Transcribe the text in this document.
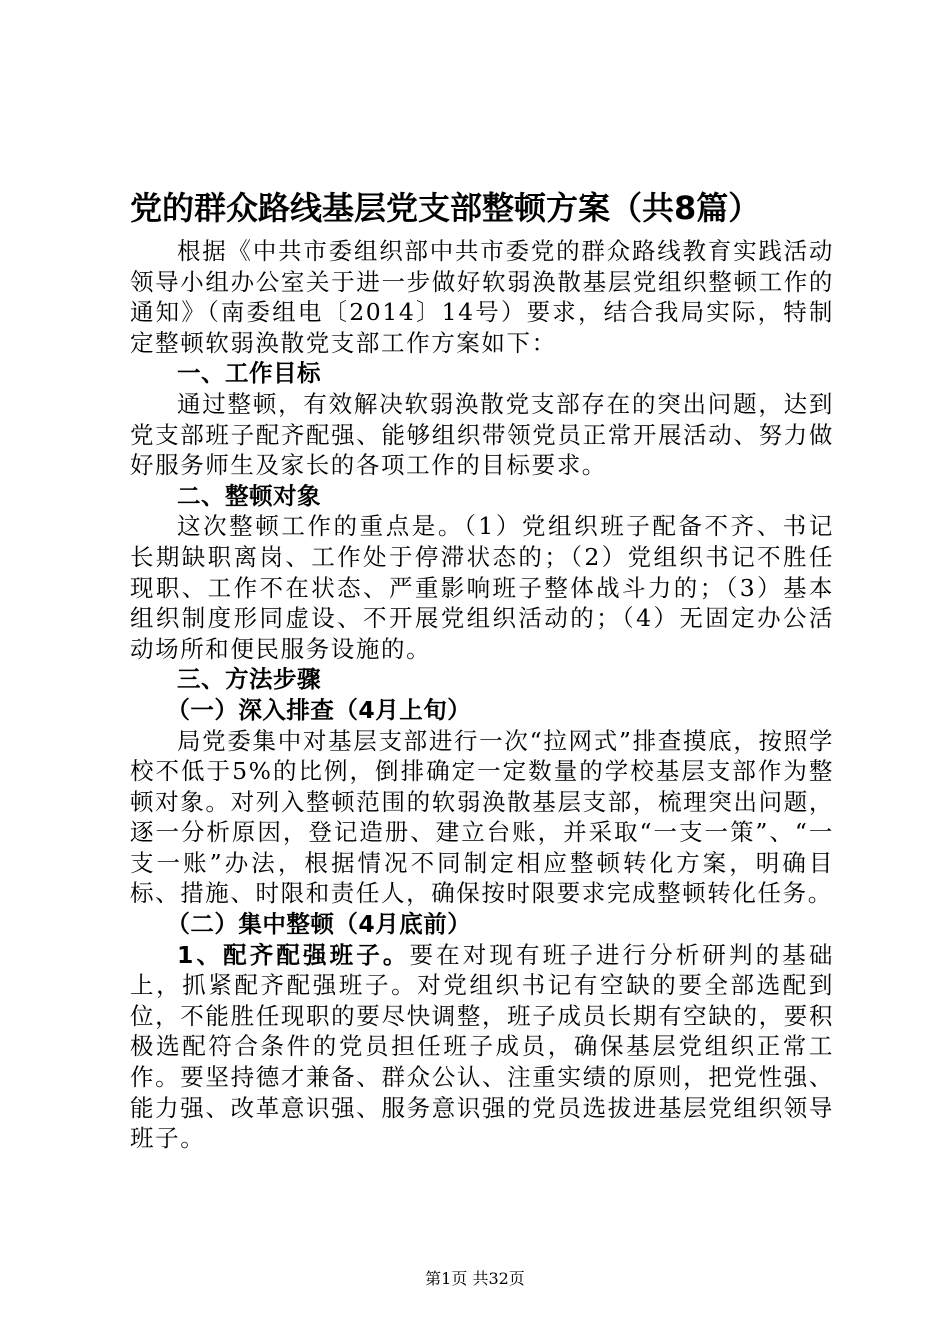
党的群众路线基层党支部整顿方案（共8篇）

根据《中共市委组织部中共市委党的群众路线教育实践活动领导小组办公室关于进一步做好软弱涣散基层党组织整顿工作的通知》（南委组电〔2014〕14号）要求，结合我局实际，特制定整顿软弱涣散党支部工作方案如下：

一、工作目标

通过整顿，有效解决软弱涣散党支部存在的突出问题，达到党支部班子配齐配强、能够组织带领党员正常开展活动、努力做好服务师生及家长的各项工作的目标要求。

二、整顿对象

这次整顿工作的重点是。（1）党组织班子配备不齐、书记长期缺职离岗、工作处于停滞状态的；（2）党组织书记不胜任现职、工作不在状态、严重影响班子整体战斗力的；（3）基本组织制度形同虚设、不开展党组织活动的；（4）无固定办公活动场所和便民服务设施的。

三、方法步骤

（一）深入排查（4月上旬）

局党委集中对基层支部进行一次“拉网式”排查摸底，按照学校不低于5%的比例，倒排确定一定数量的学校基层支部作为整顿对象。对列入整顿范围的软弱涣散基层支部，梳理突出问题，逐一分析原因，登记造册、建立台账，并采取“一支一策”、“一支一账”办法，根据情况不同制定相应整顿转化方案，明确目标、措施、时限和责任人，确保按时限要求完成整顿转化任务。

（二）集中整顿（4月底前）

1、配齐配强班子。要在对现有班子进行分析研判的基础上，抓紧配齐配强班子。对党组织书记有空缺的要全部选配到位，不能胜任现职的要尽快调整，班子成员长期有空缺的，要积极选配符合条件的党员担任班子成员，确保基层党组织正常工作。要坚持德才兼备、群众公认、注重实绩的原则，把党性强、能力强、改革意识强、服务意识强的党员选拔进基层党组织领导班子。

第1页 共32页
